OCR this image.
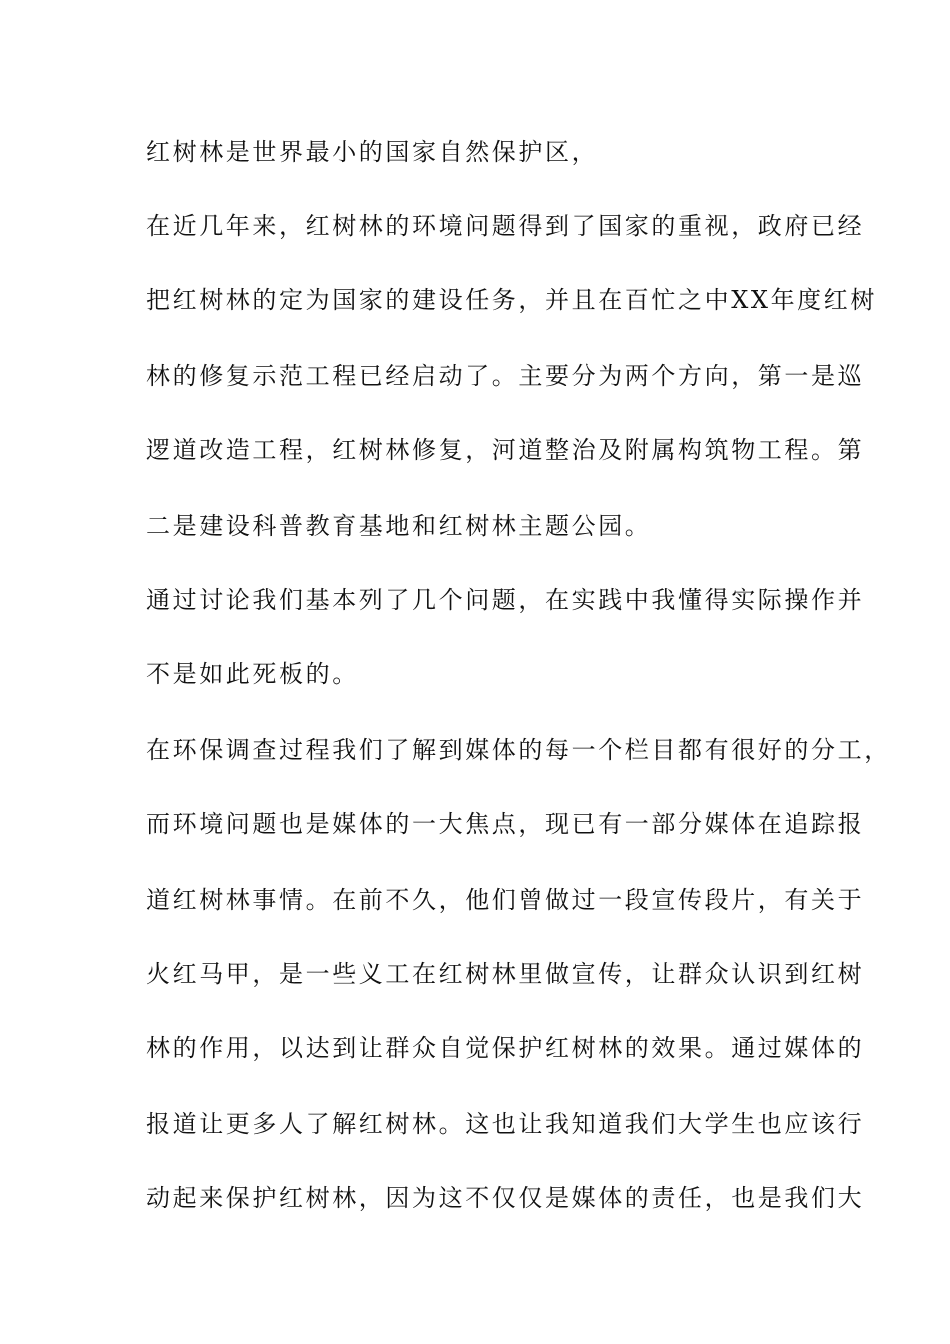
红树林是世界最小的国家自然保护区，
在近几年来，红树林的环境问题得到了国家的重视，政府已经
把红树林的定为国家的建设任务，并且在百忙之中XX年度红树
林的修复示范工程已经启动了。主要分为两个方向，第一是巡
逻道改造工程，红树林修复，河道整治及附属构筑物工程。第
二是建设科普教育基地和红树林主题公园。
通过讨论我们基本列了几个问题，在实践中我懂得实际操作并
不是如此死板的。
在环保调查过程我们了解到媒体的每一个栏目都有很好的分工，
而环境问题也是媒体的一大焦点，现已有一部分媒体在追踪报
道红树林事情。在前不久，他们曾做过一段宣传段片，有关于
火红马甲，是一些义工在红树林里做宣传，让群众认识到红树
林的作用，以达到让群众自觉保护红树林的效果。通过媒体的
报道让更多人了解红树林。这也让我知道我们大学生也应该行
动起来保护红树林，因为这不仅仅是媒体的责任，也是我们大
